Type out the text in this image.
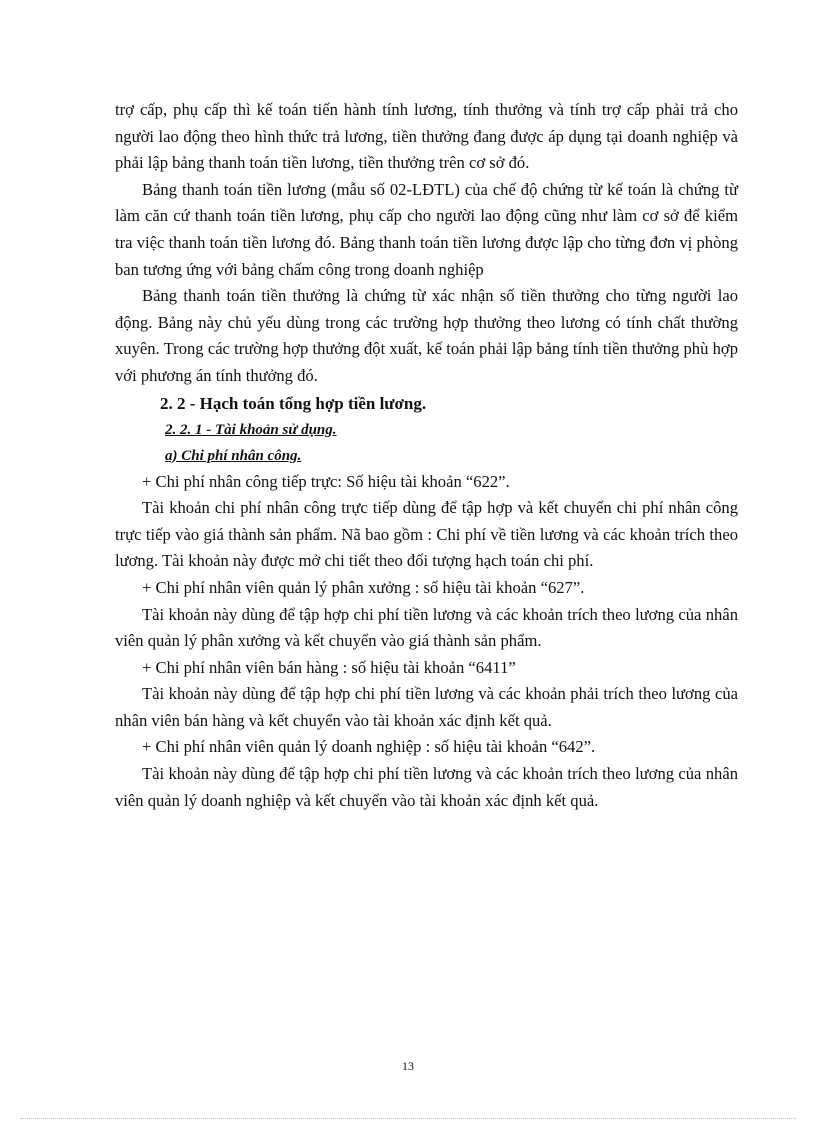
trợ cấp, phụ cấp thì kế toán tiến hành tính lương, tính thưởng và tính trợ cấp phải trả cho người lao động theo hình thức trả lương, tiền thưởng đang được áp dụng tại doanh nghiệp và phải lập bảng thanh toán tiền lương, tiền thưởng trên cơ sở đó.

Bảng thanh toán tiền lương (mẫu số 02-LĐTL) của chế độ chứng từ kế toán là chứng từ làm căn cứ thanh toán tiền lương, phụ cấp cho người lao động cũng như làm cơ sở để kiểm tra việc thanh toán tiền lương đó. Bảng thanh toán tiền lương được lập cho từng đơn vị phòng ban tương ứng với bảng chấm công trong doanh nghiệp

Bảng thanh toán tiền thưởng là chứng từ xác nhận số tiền thưởng cho từng người lao động. Bảng này chủ yếu dùng trong các trường hợp thưởng theo lương có tính chất thường xuyên. Trong các trường hợp thưởng đột xuất, kế toán phải lập bảng tính tiền thưởng phù hợp với phương án tính thưởng đó.

2. 2 - Hạch toán tổng hợp tiền lương.

2. 2. 1 - Tài khoản sử dụng.

a) Chi phí nhân công.

+ Chi phí nhân công tiếp trực: Số hiệu tài khoản “622”.

Tài khoản chi phí nhân công trực tiếp dùng để tập hợp và kết chuyển chi phí nhân công trực tiếp vào giá thành sản phẩm. Nã bao gồm : Chi phí về tiền lương và các khoản trích theo lương. Tài khoản này được mở chi tiết theo đối tượng hạch toán chi phí.

+ Chi phí nhân viên quản lý phân xưởng : số hiệu tài khoản “627”.

Tài khoản này dùng để tập hợp chi phí tiền lương và các khoản trích theo lương của nhân viên quản lý phân xưởng và kết chuyển vào giá thành sản phẩm.

+ Chi phí nhân viên bán hàng : số hiệu tài khoản “6411”

Tài khoản này dùng để tập hợp chi phí tiền lương và các khoản phải trích theo lương của nhân viên bán hàng và kết chuyển vào tài khoản xác định kết quả.

+ Chi phí nhân viên quản lý doanh nghiệp : số hiệu tài khoản “642”.

Tài khoản này dùng để tập hợp chi phí tiền lương và các khoản trích theo lương của nhân viên quản lý doanh nghiệp và kết chuyển vào tài khoản xác định kết quả.

13
